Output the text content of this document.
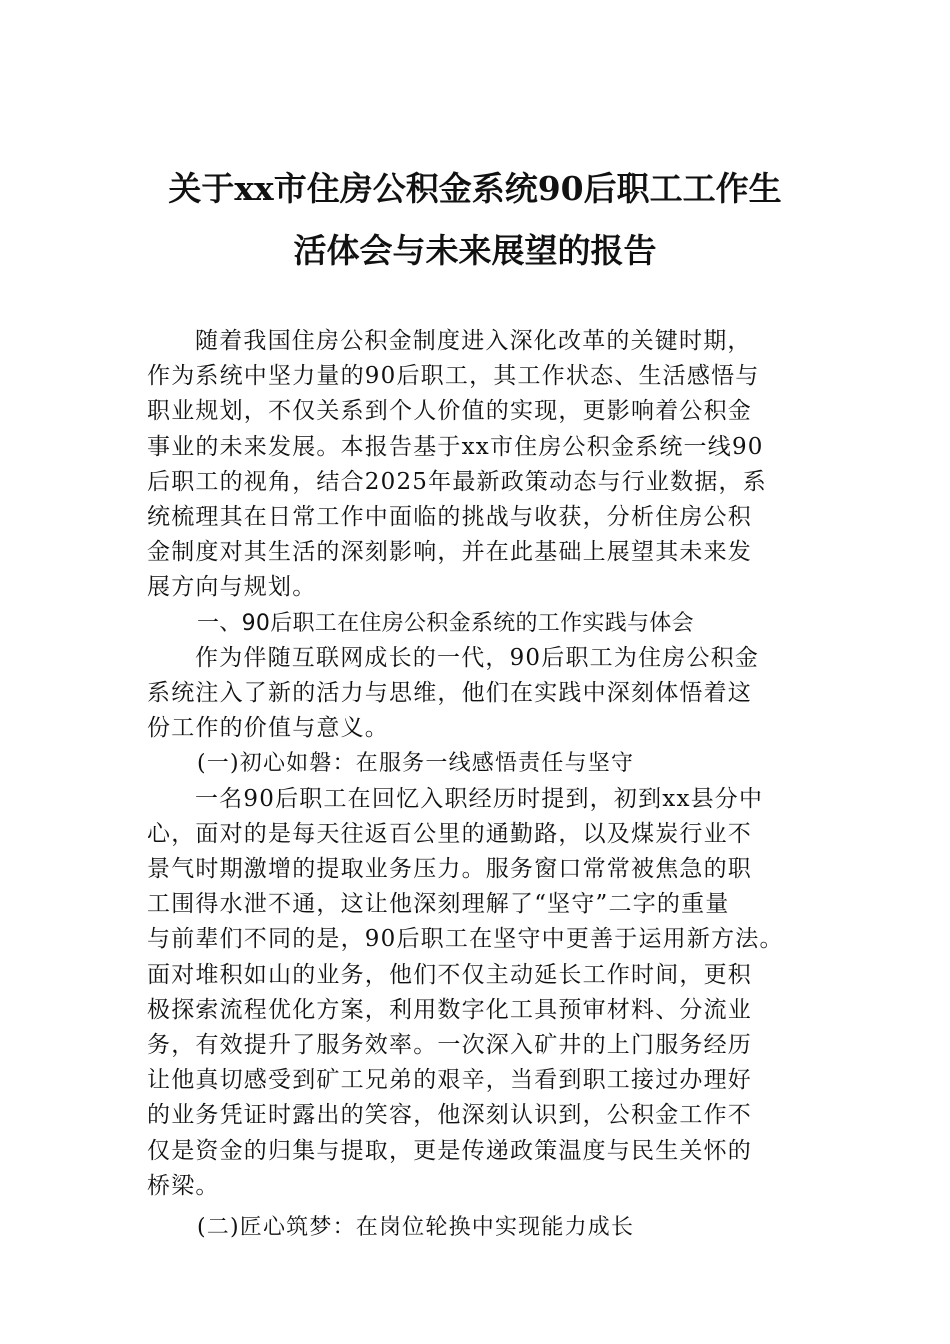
关于xx市住房公积金系统90后职工工作生
活体会与未来展望的报告

随着我国住房公积金制度进入深化改革的关键时期，
作为系统中坚力量的90后职工，其工作状态、生活感悟与
职业规划，不仅关系到个人价值的实现，更影响着公积金
事业的未来发展。本报告基于xx市住房公积金系统一线90
后职工的视角，结合2025年最新政策动态与行业数据，系
统梳理其在日常工作中面临的挑战与收获，分析住房公积
金制度对其生活的深刻影响，并在此基础上展望其未来发
展方向与规划。

一、90后职工在住房公积金系统的工作实践与体会

作为伴随互联网成长的一代，90后职工为住房公积金
系统注入了新的活力与思维，他们在实践中深刻体悟着这
份工作的价值与意义。

(一)初心如磐：在服务一线感悟责任与坚守

一名90后职工在回忆入职经历时提到，初到xx县分中
心，面对的是每天往返百公里的通勤路，以及煤炭行业不
景气时期激增的提取业务压力。服务窗口常常被焦急的职
工围得水泄不通，这让他深刻理解了“坚守”二字的重量
与前辈们不同的是，90后职工在坚守中更善于运用新方法。
面对堆积如山的业务，他们不仅主动延长工作时间，更积
极探索流程优化方案，利用数字化工具预审材料、分流业
务，有效提升了服务效率。一次深入矿井的上门服务经历
让他真切感受到矿工兄弟的艰辛，当看到职工接过办理好
的业务凭证时露出的笑容，他深刻认识到，公积金工作不
仅是资金的归集与提取，更是传递政策温度与民生关怀的
桥梁。

(二)匠心筑梦：在岗位轮换中实现能力成长
